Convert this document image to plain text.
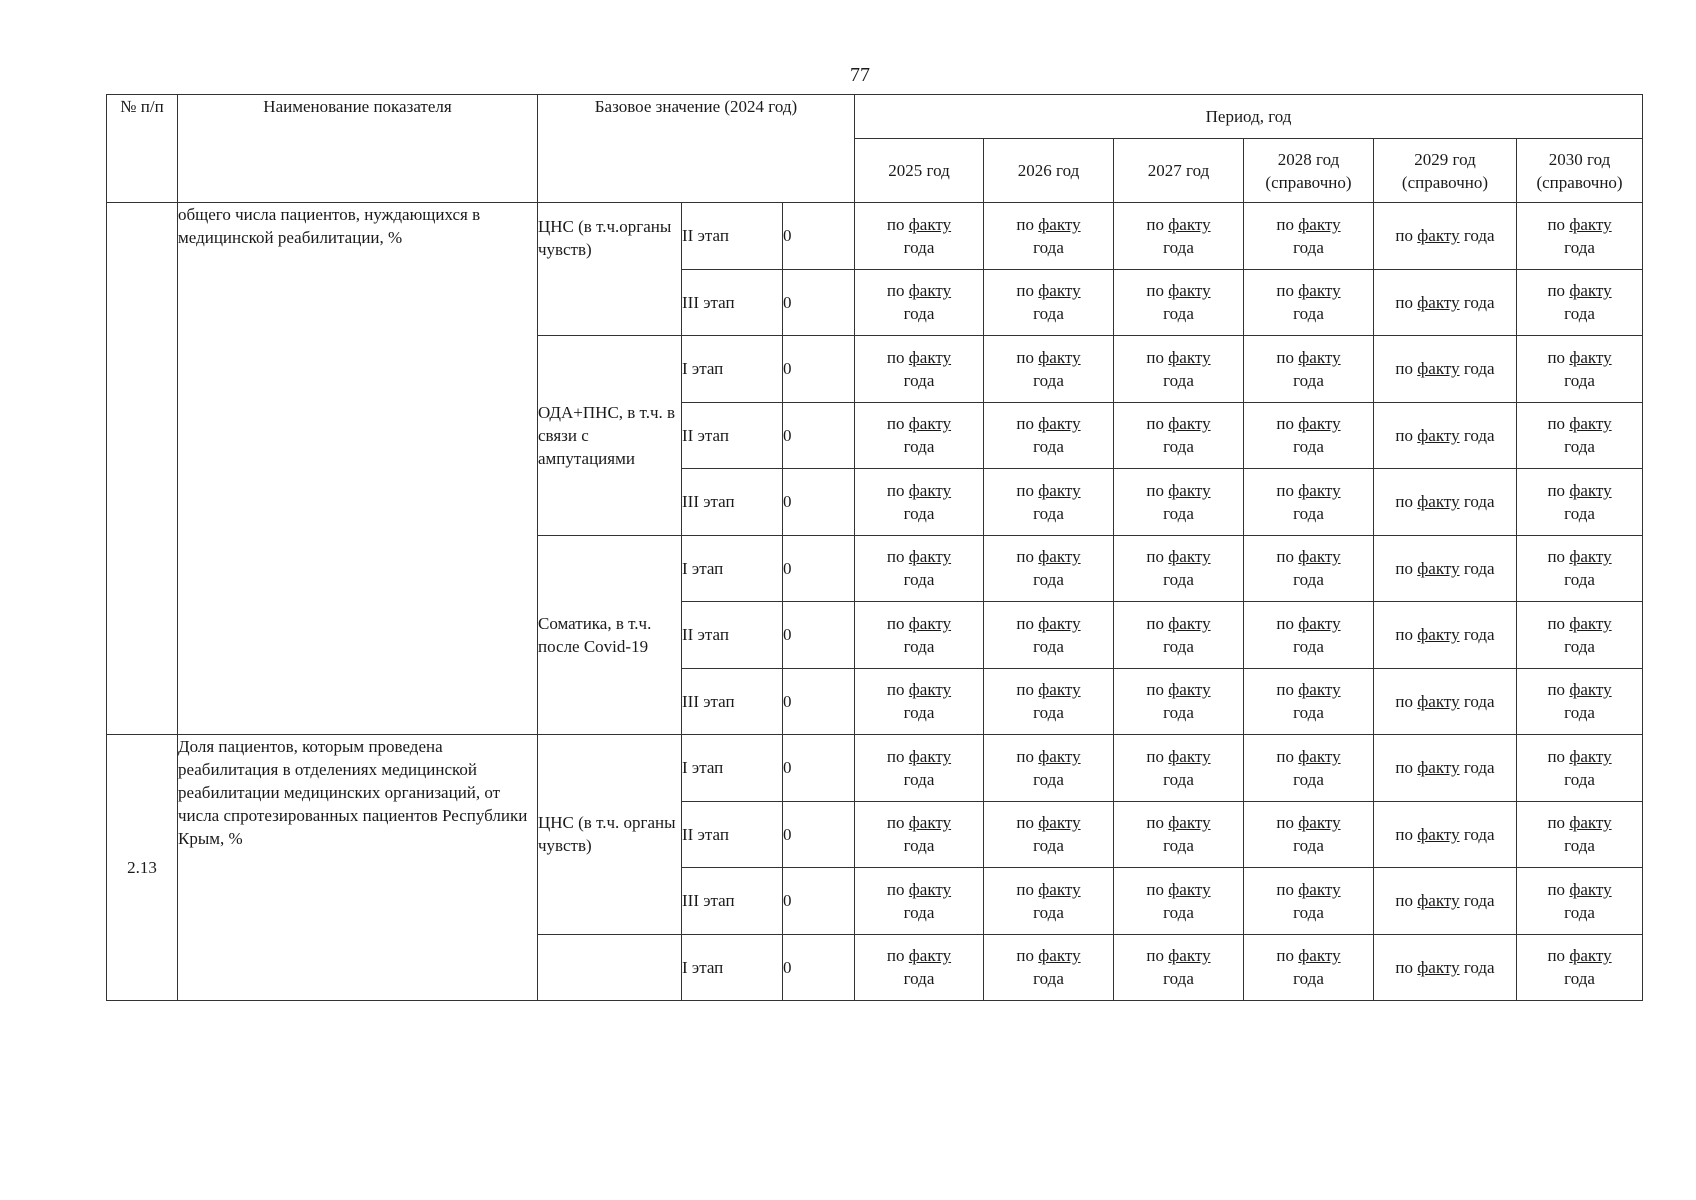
77
№ п/п	Наименование показателя	Базовое значение (2024 год)			Период, год					
					2025 год	2026 год	2027 год	2028 год (справочно)	2029 год (справочно)	2030 год (справочно)
	общего числа пациентов, нуждающихся в медицинской реабилитации, %	ЦНС (в т.ч.органы чувств)	II этап	0	по факту
года	по факту
года	по факту
года	по факту
года	по факту года	по факту
года
			III этап	0	по факту
года	по факту
года	по факту
года	по факту
года	по факту года	по факту
года
		ОДА+ПНС, в т.ч. в связи с ампутациями	I этап	0	по факту
года	по факту
года	по факту
года	по факту
года	по факту года	по факту
года
			II этап	0	по факту
года	по факту
года	по факту
года	по факту
года	по факту года	по факту
года
			III этап	0	по факту
года	по факту
года	по факту
года	по факту
года	по факту года	по факту
года
		Соматика, в т.ч. после Covid-19	I этап	0	по факту
года	по факту
года	по факту
года	по факту
года	по факту года	по факту
года
			II этап	0	по факту
года	по факту
года	по факту
года	по факту
года	по факту года	по факту
года
			III этап	0	по факту
года	по факту
года	по факту
года	по факту
года	по факту года	по факту
года
2.13	Доля пациентов, которым проведена реабилитация в отделениях медицинской реабилитации медицинских организаций, от числа спротезированных пациентов Республики Крым, %	ЦНС (в т.ч. органы чувств)	I этап	0	по факту
года	по факту
года	по факту
года	по факту
года	по факту года	по факту
года
			II этап	0	по факту
года	по факту
года	по факту
года	по факту
года	по факту года	по факту
года
			III этап	0	по факту
года	по факту
года	по факту
года	по факту
года	по факту года	по факту
года
			I этап	0	по факту
года	по факту
года	по факту
года	по факту
года	по факту года	по факту
года
